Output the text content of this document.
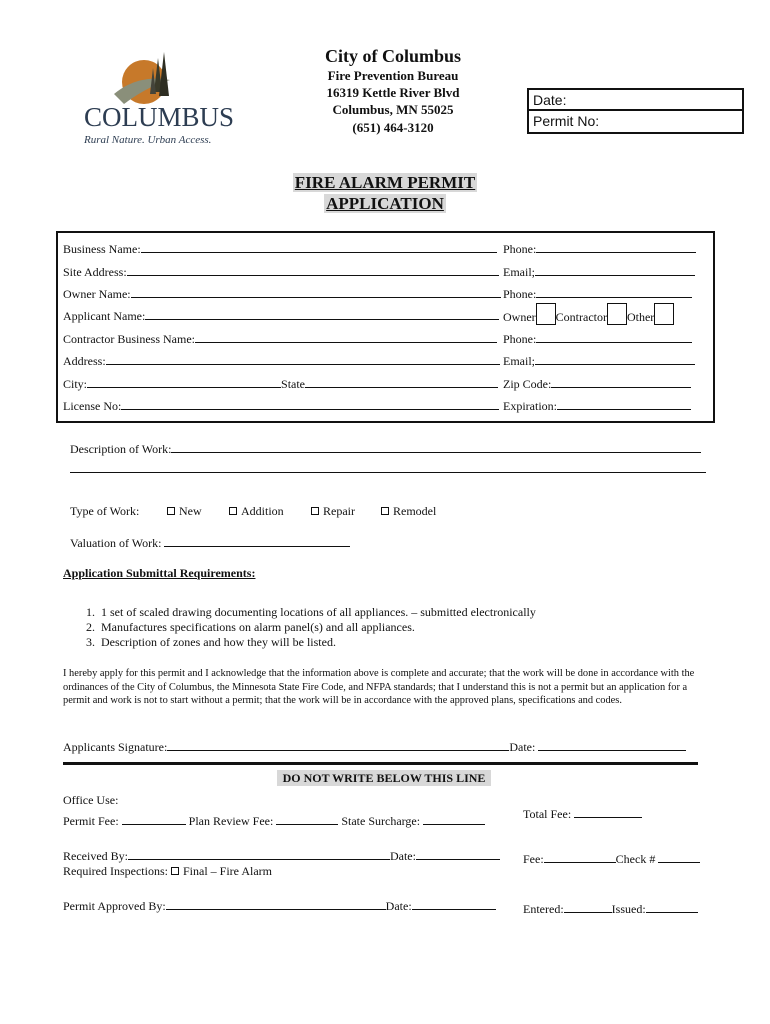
COLUMBUS
Rural Nature. Urban Access.
City of Columbus
Fire Prevention Bureau
16319 Kettle River Blvd
Columbus, MN 55025
(651) 464-3120
Date:
Permit No:
FIRE ALARM PERMIT
APPLICATION
Business Name:	Phone:
Site Address:	Email;
Owner Name:	Phone:
Applicant Name:	Owner Contractor Other
Contractor Business Name:	Phone:
Address:	Email;
City:	State	Zip Code:
License No:	Expiration:
Description of Work:
Type of Work:	New	Addition	Repair	Remodel
Valuation of Work:
Application Submittal Requirements:
1.  1 set of scaled drawing documenting locations of all appliances. – submitted electronically
2.  Manufactures specifications on alarm panel(s) and all appliances.
3.  Description of zones and how they will be listed.
I hereby apply for this permit and I acknowledge that the information above is complete and accurate; that the work will be done in accordance with the ordinances of the City of Columbus, the Minnesota State Fire Code, and NFPA standards; that I understand this is not a permit but an application for a permit and work is not to start without a permit; that the work will be in accordance with the approved plans, specifications and codes.
Applicants Signature:	Date:
DO NOT WRITE BELOW THIS LINE
Office Use:
Permit Fee:	Plan Review Fee:	State Surcharge:	Total Fee:
Received By:	Date:	Fee:	Check #
Required Inspections: Final – Fire Alarm
Permit Approved By:	Date:	Entered:	Issued:
